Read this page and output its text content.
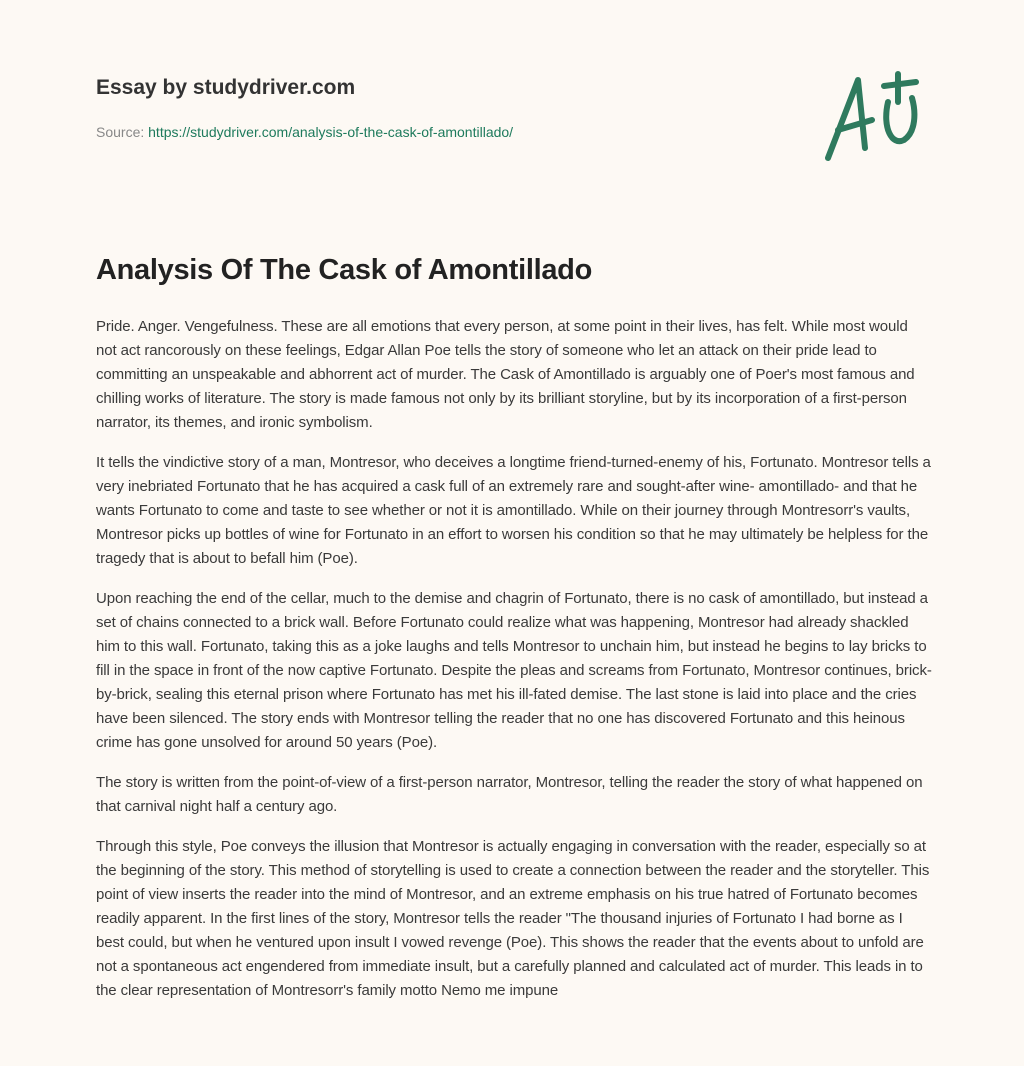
Essay by studydriver.com
Source: https://studydriver.com/analysis-of-the-cask-of-amontillado/
Analysis Of The Cask of Amontillado

Pride. Anger. Vengefulness. These are all emotions that every person, at some point in their lives, has felt. While most would not act rancorously on these feelings, Edgar Allan Poe tells the story of someone who let an attack on their pride lead to committing an unspeakable and abhorrent act of murder. The Cask of Amontillado is arguably one of Poer's most famous and chilling works of literature. The story is made famous not only by its brilliant storyline, but by its incorporation of a first-person narrator, its themes, and ironic symbolism.

It tells the vindictive story of a man, Montresor, who deceives a longtime friend-turned-enemy of his, Fortunato. Montresor tells a very inebriated Fortunato that he has acquired a cask full of an extremely rare and sought-after wine- amontillado- and that he wants Fortunato to come and taste to see whether or not it is amontillado. While on their journey through Montresorr's vaults, Montresor picks up bottles of wine for Fortunato in an effort to worsen his condition so that he may ultimately be helpless for the tragedy that is about to befall him (Poe).

Upon reaching the end of the cellar, much to the demise and chagrin of Fortunato, there is no cask of amontillado, but instead a set of chains connected to a brick wall. Before Fortunato could realize what was happening, Montresor had already shackled him to this wall. Fortunato, taking this as a joke laughs and tells Montresor to unchain him, but instead he begins to lay bricks to fill in the space in front of the now captive Fortunato. Despite the pleas and screams from Fortunato, Montresor continues, brick-by-brick, sealing this eternal prison where Fortunato has met his ill-fated demise. The last stone is laid into place and the cries have been silenced. The story ends with Montresor telling the reader that no one has discovered Fortunato and this heinous crime has gone unsolved for around 50 years (Poe).

The story is written from the point-of-view of a first-person narrator, Montresor, telling the reader the story of what happened on that carnival night half a century ago.

Through this style, Poe conveys the illusion that Montresor is actually engaging in conversation with the reader, especially so at the beginning of the story. This method of storytelling is used to create a connection between the reader and the storyteller. This point of view inserts the reader into the mind of Montresor, and an extreme emphasis on his true hatred of Fortunato becomes readily apparent. In the first lines of the story, Montresor tells the reader "The thousand injuries of Fortunato I had borne as I best could, but when he ventured upon insult I vowed revenge (Poe). This shows the reader that the events about to unfold are not a spontaneous act engendered from immediate insult, but a carefully planned and calculated act of murder. This leads in to the clear representation of Montresorr's family motto Nemo me impune
